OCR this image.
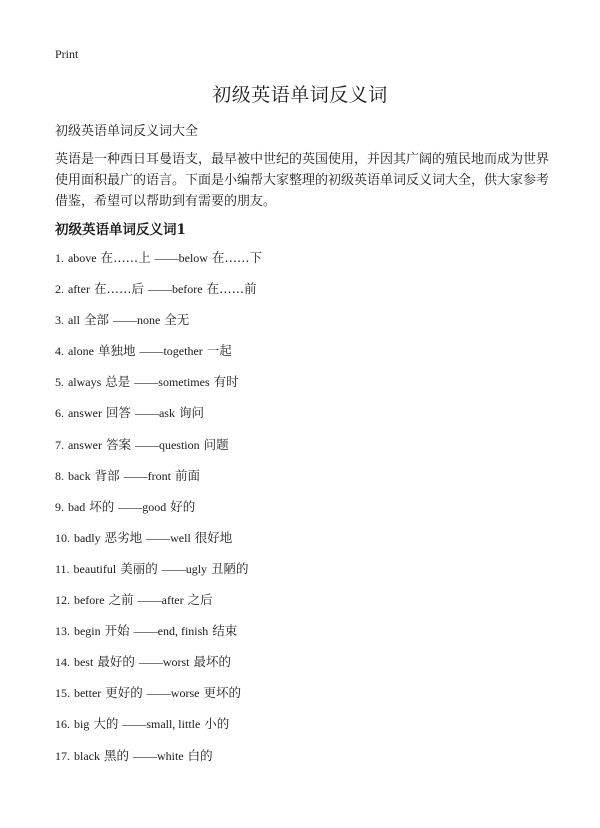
Print
初级英语单词反义词
初级英语单词反义词大全

英语是一种西日耳曼语支，最早被中世纪的英国使用，并因其广阔的殖民地而成为世界使用面积最广的语言。下面是小编帮大家整理的初级英语单词反义词大全，供大家参考借鉴，希望可以帮助到有需要的朋友。

初级英语单词反义词1
1. above 在……上 ——below 在……下
2. after 在……后 ——before 在……前
3. all 全部 ——none 全无
4. alone 单独地 ——together 一起
5. always 总是 ——sometimes 有时
6. answer 回答 ——ask 询问
7. answer 答案 ——question 问题
8. back 背部 ——front 前面
9. bad 坏的 ——good 好的
10. badly 恶劣地 ——well 很好地
11. beautiful 美丽的 ——ugly 丑陋的
12. before 之前 ——after 之后
13. begin 开始 ——end, finish 结束
14. best 最好的 ——worst 最坏的
15. better 更好的 ——worse 更坏的
16. big 大的 ——small, little 小的
17. black 黑的 ——white 白的
